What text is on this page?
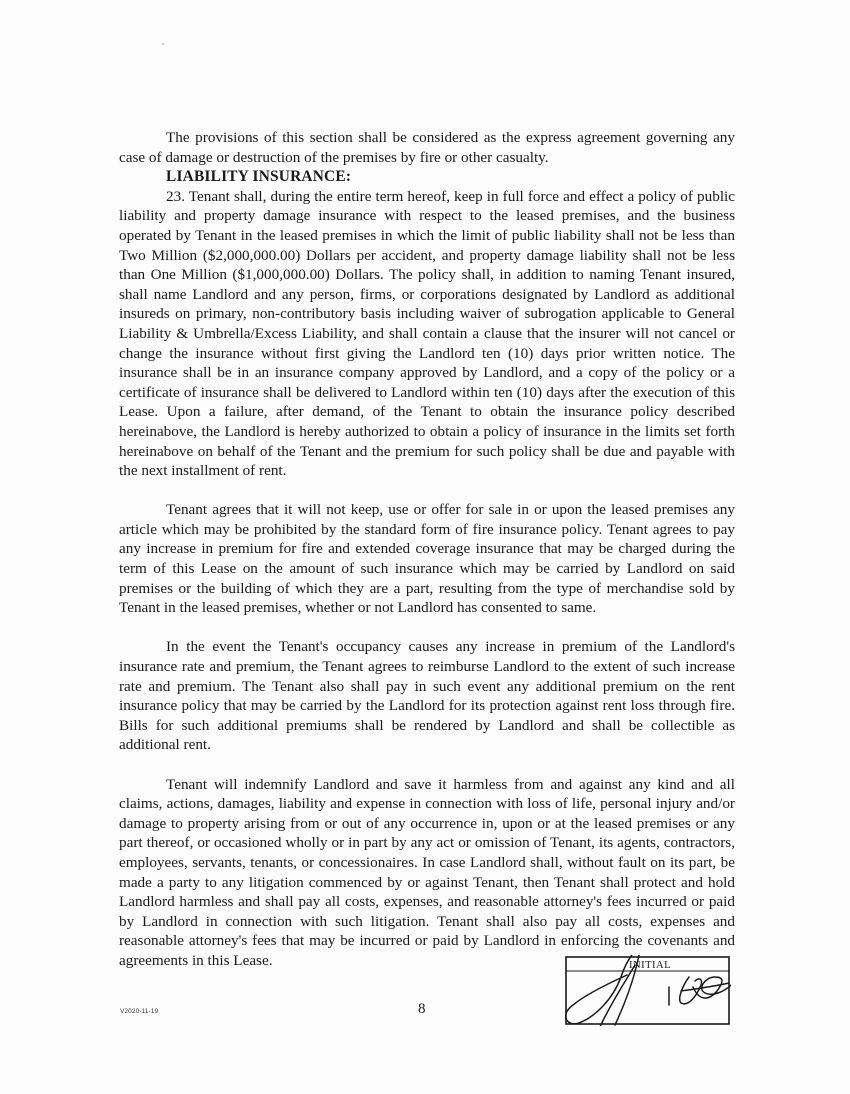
The provisions of this section shall be considered as the express agreement governing any case of damage or destruction of the premises by fire or other casualty.

LIABILITY INSURANCE:

23. Tenant shall, during the entire term hereof, keep in full force and effect a policy of public liability and property damage insurance with respect to the leased premises, and the business operated by Tenant in the leased premises in which the limit of public liability shall not be less than Two Million ($2,000,000.00) Dollars per accident, and property damage liability shall not be less than One Million ($1,000,000.00) Dollars. The policy shall, in addition to naming Tenant insured, shall name Landlord and any person, firms, or corporations designated by Landlord as additional insureds on primary, non-contributory basis including waiver of subrogation applicable to General Liability & Umbrella/Excess Liability, and shall contain a clause that the insurer will not cancel or change the insurance without first giving the Landlord ten (10) days prior written notice. The insurance shall be in an insurance company approved by Landlord, and a copy of the policy or a certificate of insurance shall be delivered to Landlord within ten (10) days after the execution of this Lease. Upon a failure, after demand, of the Tenant to obtain the insurance policy described hereinabove, the Landlord is hereby authorized to obtain a policy of insurance in the limits set forth hereinabove on behalf of the Tenant and the premium for such policy shall be due and payable with the next installment of rent.

Tenant agrees that it will not keep, use or offer for sale in or upon the leased premises any article which may be prohibited by the standard form of fire insurance policy. Tenant agrees to pay any increase in premium for fire and extended coverage insurance that may be charged during the term of this Lease on the amount of such insurance which may be carried by Landlord on said premises or the building of which they are a part, resulting from the type of merchandise sold by Tenant in the leased premises, whether or not Landlord has consented to same.

In the event the Tenant's occupancy causes any increase in premium of the Landlord's insurance rate and premium, the Tenant agrees to reimburse Landlord to the extent of such increase rate and premium. The Tenant also shall pay in such event any additional premium on the rent insurance policy that may be carried by the Landlord for its protection against rent loss through fire. Bills for such additional premiums shall be rendered by Landlord and shall be collectible as additional rent.

Tenant will indemnify Landlord and save it harmless from and against any kind and all claims, actions, damages, liability and expense in connection with loss of life, personal injury and/or damage to property arising from or out of any occurrence in, upon or at the leased premises or any part thereof, or occasioned wholly or in part by any act or omission of Tenant, its agents, contractors, employees, servants, tenants, or concessionaires. In case Landlord shall, without fault on its part, be made a party to any litigation commenced by or against Tenant, then Tenant shall protect and hold Landlord harmless and shall pay all costs, expenses, and reasonable attorney's fees incurred or paid by Landlord in connection with such litigation. Tenant shall also pay all costs, expenses and reasonable attorney's fees that may be incurred or paid by Landlord in enforcing the covenants and agreements in this Lease.

V2020-11-19	8
INITIAL
